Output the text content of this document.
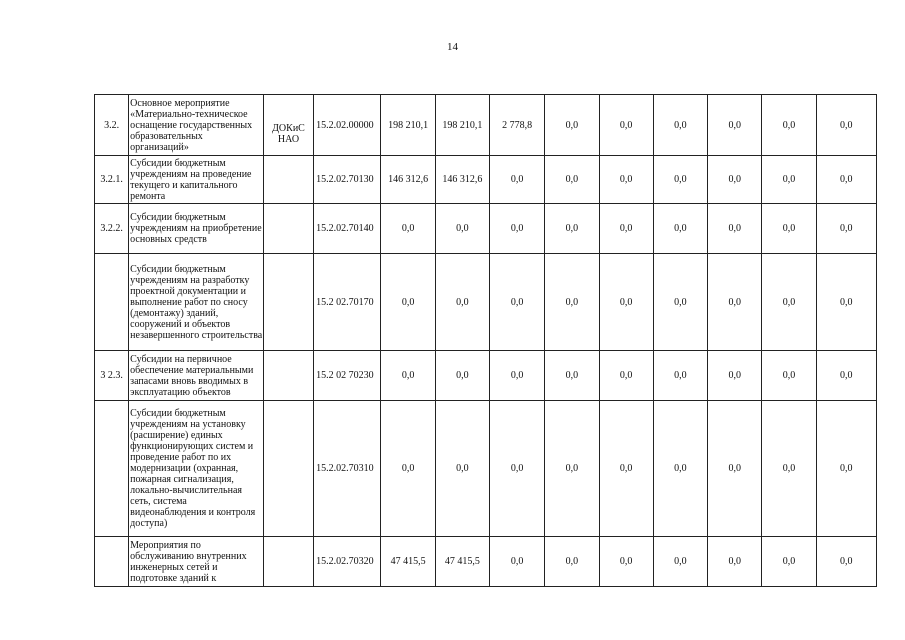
14
3.2.	Основное мероприятие «Материально-техническое оснащение государственных образовательных организаций»	ДОКиС НАО	15.2.02.00000	198 210,1	198 210,1	2 778,8	0,0	0,0	0,0	0,0	0,0	0,0
3.2.1.	Субсидии бюджетным учреждениям на проведение текущего и капитального ремонта		15.2.02.70130	146 312,6	146 312,6	0,0	0,0	0,0	0,0	0,0	0,0	0,0
3.2.2.	Субсидии бюджетным учреждениям на приобретение основных средств		15.2.02.70140	0,0	0,0	0,0	0,0	0,0	0,0	0,0	0,0	0,0
	Субсидии бюджетным учреждениям на разработку проектной документации и выполнение работ по сносу (демонтажу) зданий, сооружений и объектов незавершенного строительства		15.2 02.70170	0,0	0,0	0,0	0,0	0,0	0,0	0,0	0,0	0,0
3 2.3.	Субсидии на первичное обеспечение материальными запасами вновь вводимых в эксплуатацию объектов		15.2 02 70230	0,0	0,0	0,0	0,0	0,0	0,0	0,0	0,0	0,0
	Субсидии бюджетным учреждениям на установку (расширение) единых функционирующих систем и проведение работ по их модернизации (охранная, пожарная сигнализация, локально-вычислительная сеть, система видеонаблюдения и контроля доступа)		15.2.02.70310	0,0	0,0	0,0	0,0	0,0	0,0	0,0	0,0	0,0
	Мероприятия по обслуживанию внутренних инженерных сетей и подготовке зданий к		15.2.02.70320	47 415,5	47 415,5	0,0	0,0	0,0	0,0	0,0	0,0	0,0
